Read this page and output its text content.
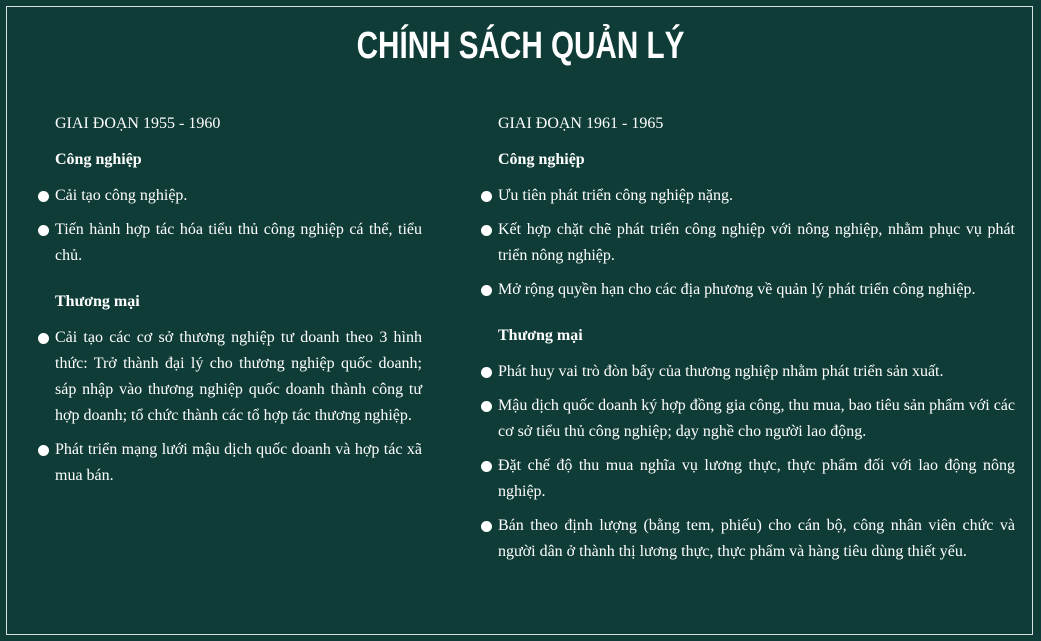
CHÍNH SÁCH QUẢN LÝ
GIAI ĐOẠN 1955 - 1960
Công nghiệp
Cải tạo công nghiệp.
Tiến hành hợp tác hóa tiểu thủ công nghiệp cá thể, tiểu chủ.
Thương mại
Cải tạo các cơ sở thương nghiệp tư doanh theo 3 hình thức: Trở thành đại lý cho thương nghiệp quốc doanh; sáp nhập vào thương nghiệp quốc doanh thành công tư hợp doanh; tổ chức thành các tổ hợp tác thương nghiệp.
Phát triển mạng lưới mậu dịch quốc doanh và hợp tác xã mua bán.
GIAI ĐOẠN 1961 - 1965
Công nghiệp
Ưu tiên phát triển công nghiệp nặng.
Kết hợp chặt chẽ phát triển công nghiệp với nông nghiệp, nhằm phục vụ phát triển nông nghiệp.
Mở rộng quyền hạn cho các địa phương về quản lý phát triển công nghiệp.
Thương mại
Phát huy vai trò đòn bẩy của thương nghiệp nhằm phát triển sản xuất.
Mậu dịch quốc doanh ký hợp đồng gia công, thu mua, bao tiêu sản phẩm với các cơ sở tiểu thủ công nghiệp; dạy nghề cho người lao động.
Đặt chế độ thu mua nghĩa vụ lương thực, thực phẩm đối với lao động nông nghiệp.
Bán theo định lượng (bằng tem, phiếu) cho cán bộ, công nhân viên chức và người dân ở thành thị lương thực, thực phẩm và hàng tiêu dùng thiết yếu.
